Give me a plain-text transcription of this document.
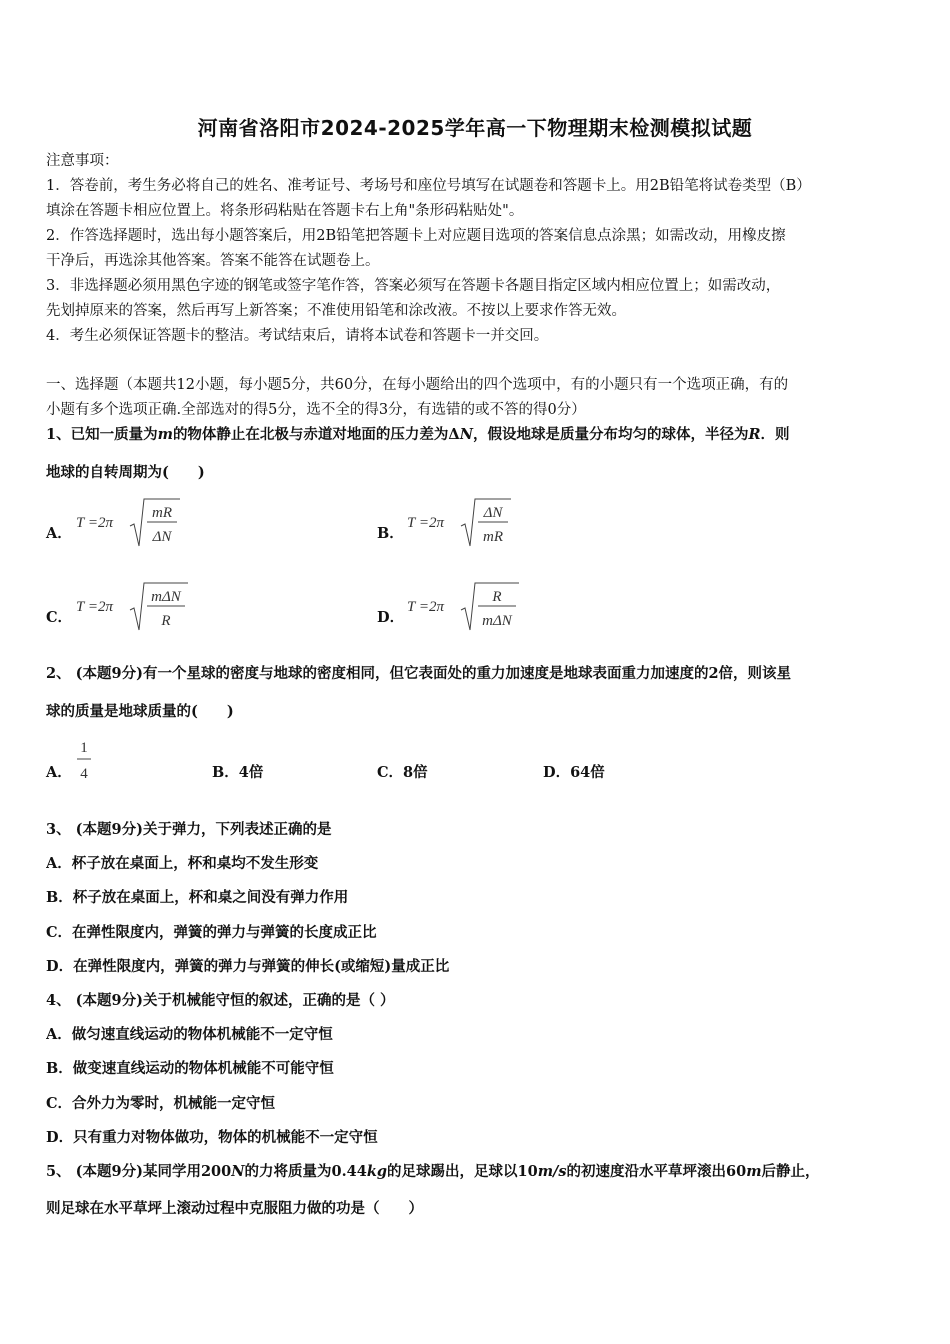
河南省洛阳市2024-2025学年高一下物理期末检测模拟试题
注意事项：
1．答卷前，考生务必将自己的姓名、准考证号、考场号和座位号填写在试题卷和答题卡上。用2B铅笔将试卷类型（B）
填涂在答题卡相应位置上。将条形码粘贴在答题卡右上角"条形码粘贴处"。
2．作答选择题时，选出每小题答案后，用2B铅笔把答题卡上对应题目选项的答案信息点涂黑；如需改动，用橡皮擦
干净后，再选涂其他答案。答案不能答在试题卷上。
3．非选择题必须用黑色字迹的钢笔或签字笔作答，答案必须写在答题卡各题目指定区域内相应位置上；如需改动，
先划掉原来的答案，然后再写上新答案；不准使用铅笔和涂改液。不按以上要求作答无效。
4．考生必须保证答题卡的整洁。考试结束后，请将本试卷和答题卡一并交回。
一、选择题（本题共12小题，每小题5分，共60分，在每小题给出的四个选项中，有的小题只有一个选项正确，有的
小题有多个选项正确.全部选对的得5分，选不全的得3分，有选错的或不答的得0分）
1、已知一质量为m的物体静止在北极与赤道对地面的压力差为ΔN，假设地球是质量分布均匀的球体，半径为R．则
地球的自转周期为(　　)
A．
T =2π
mR
ΔN	B．
T =2π
ΔN
mR
C．
T =2π
mΔN
R	D．
T =2π
R
mΔN
2、 (本题9分)有一个星球的密度与地球的密度相同，但它表面处的重力加速度是地球表面重力加速度的2倍，则该星
球的质量是地球质量的(　　)
A．
1
4	B．4倍	C．8倍	D．64倍
3、 (本题9分)关于弹力，下列表述正确的是
A．杯子放在桌面上，杯和桌均不发生形变
B．杯子放在桌面上，杯和桌之间没有弹力作用
C．在弹性限度内，弹簧的弹力与弹簧的长度成正比
D．在弹性限度内，弹簧的弹力与弹簧的伸长(或缩短)量成正比
4、 (本题9分)关于机械能守恒的叙述，正确的是（ ）
A．做匀速直线运动的物体机械能不一定守恒
B．做变速直线运动的物体机械能不可能守恒
C．合外力为零时，机械能一定守恒
D．只有重力对物体做功，物体的机械能不一定守恒
5、 (本题9分)某同学用200N的力将质量为0.44kg的足球踢出，足球以10m/s的初速度沿水平草坪滚出60m后静止，
则足球在水平草坪上滚动过程中克服阻力做的功是（　　）
